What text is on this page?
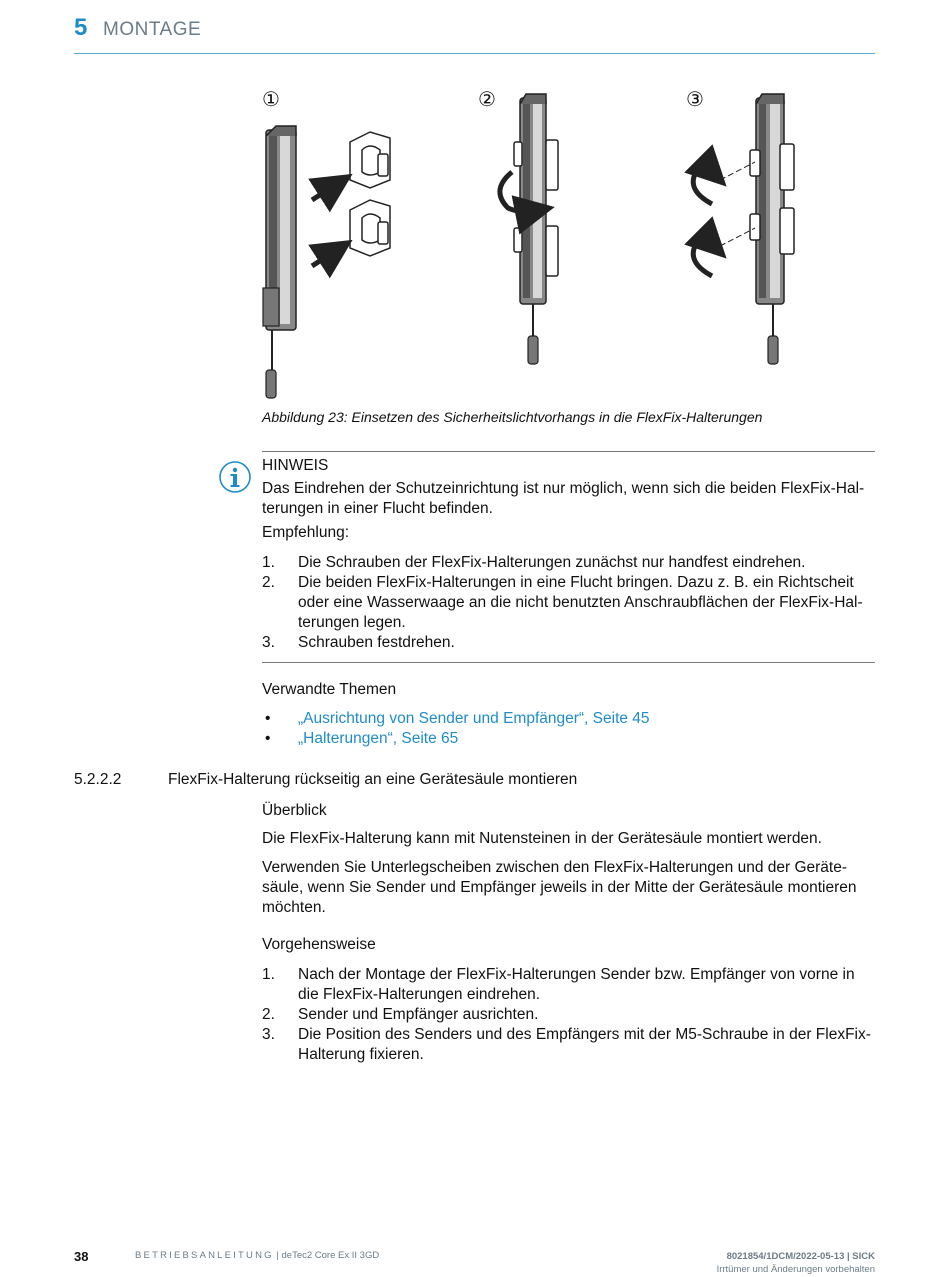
5 MONTAGE
①	②	③
Abbildung 23: Einsetzen des Sicherheitslichtvorhangs in die FlexFix-Halterungen
HINWEIS
Das Eindrehen der Schutzeinrichtung ist nur möglich, wenn sich die beiden FlexFix-Halterungen in einer Flucht befinden.
Empfehlung:
1. Die Schrauben der FlexFix-Halterungen zunächst nur handfest eindrehen.
2. Die beiden FlexFix-Halterungen in eine Flucht bringen. Dazu z. B. ein Richtscheit oder eine Wasserwaage an die nicht benutzten Anschraubflächen der FlexFix-Halterungen legen.
3. Schrauben festdrehen.
Verwandte Themen
• „Ausrichtung von Sender und Empfänger“, Seite 45
• „Halterungen“, Seite 65
5.2.2.2	FlexFix-Halterung rückseitig an eine Gerätesäule montieren
Überblick
Die FlexFix-Halterung kann mit Nutensteinen in der Gerätesäule montiert werden.
Verwenden Sie Unterlegscheiben zwischen den FlexFix-Halterungen und der Gerätesäule, wenn Sie Sender und Empfänger jeweils in der Mitte der Gerätesäule montieren möchten.
Vorgehensweise
1. Nach der Montage der FlexFix-Halterungen Sender bzw. Empfänger von vorne in die FlexFix-Halterungen eindrehen.
2. Sender und Empfänger ausrichten.
3. Die Position des Senders und des Empfängers mit der M5-Schraube in der FlexFix-Halterung fixieren.
38	BETRIEBSANLEITUNG | deTec2 Core Ex II 3GD	8021854/1DCM/2022-05-13 | SICK
Irrtümer und Änderungen vorbehalten
